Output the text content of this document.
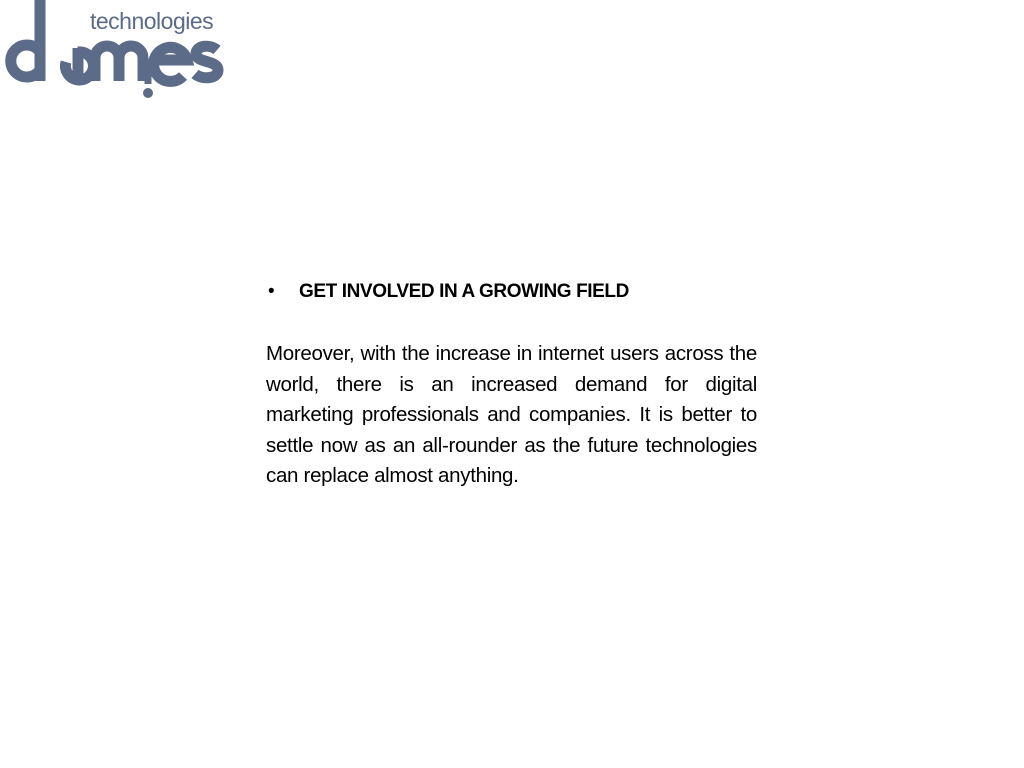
technologies
•	GET INVOLVED IN A GROWING FIELD

Moreover, with the increase in internet users across the world, there is an increased demand for digital marketing professionals and companies. It is better to settle now as an all-rounder as the future technologies can replace almost anything.
